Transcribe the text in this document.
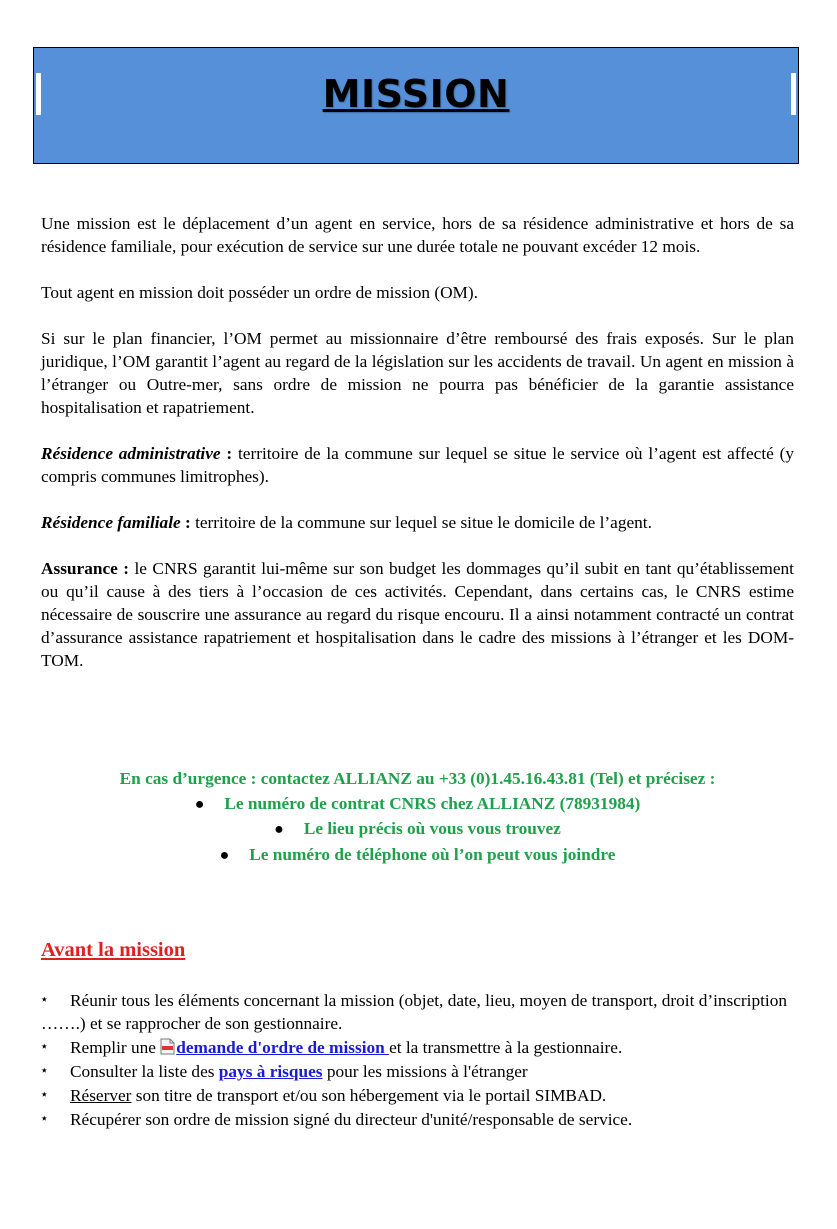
MISSION

Une mission est le déplacement d’un agent en service, hors de sa résidence administrative et hors de sa résidence familiale, pour exécution de service sur une durée totale ne pouvant excéder 12 mois.

Tout agent en mission doit posséder un ordre de mission (OM).

Si sur le plan financier, l’OM permet au missionnaire d’être remboursé des frais exposés. Sur le plan juridique, l’OM garantit l’agent au regard de la législation sur les accidents de travail. Un agent en mission à l’étranger ou Outre-mer, sans ordre de mission ne pourra pas bénéficier de la garantie assistance hospitalisation et rapatriement.

Résidence administrative : territoire de la commune sur lequel se situe le service où l’agent est affecté (y compris communes limitrophes).

Résidence familiale : territoire de la commune sur lequel se situe le domicile de l’agent.

Assurance : le CNRS garantit lui-même sur son budget les dommages qu’il subit en tant qu’établissement ou qu’il cause à des tiers à l’occasion de ces activités. Cependant, dans certains cas, le CNRS estime nécessaire de souscrire une assurance au regard du risque encouru. Il a ainsi notamment contracté un contrat d’assurance assistance rapatriement et hospitalisation dans le cadre des missions à l’étranger et les DOM-TOM.

En cas d’urgence : contactez ALLIANZ au +33 (0)1.45.16.43.81 (Tel) et précisez :

● Le numéro de contrat CNRS chez ALLIANZ (78931984)
● Le lieu précis où vous vous trouvez
● Le numéro de téléphone où l’on peut vous joindre
Avant la mission
٭ Réunir tous les éléments concernant la mission (objet, date, lieu, moyen de transport, droit d’inscription …….) et se rapprocher de son gestionnaire.
٭ Remplir une demande d'ordre de mission et la transmettre à la gestionnaire.
٭ Consulter la liste des pays à risques pour les missions à l'étranger
٭ Réserver son titre de transport et/ou son hébergement via le portail SIMBAD.
٭ Récupérer son ordre de mission signé du directeur d'unité/responsable de service.
